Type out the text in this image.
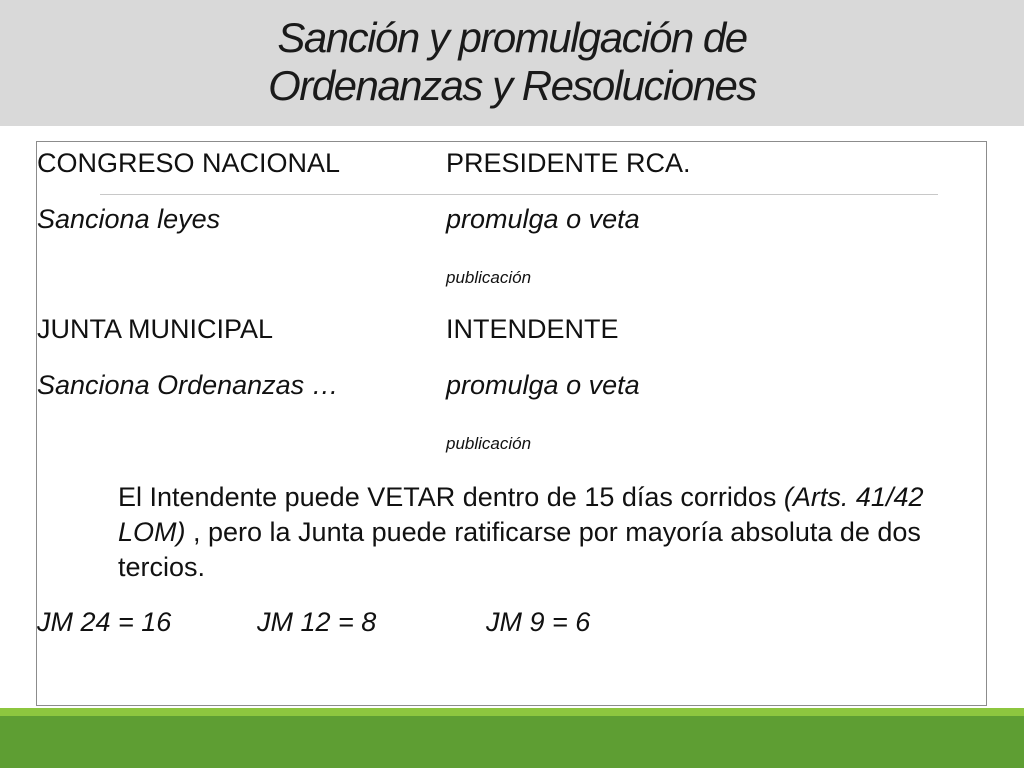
Sanción y promulgación de
Ordenanzas y Resoluciones
CONGRESO NACIONAL	PRESIDENTE RCA.
Sanciona leyes	promulga o veta
publicación
JUNTA MUNICIPAL	INTENDENTE
Sanciona Ordenanzas …	promulga o veta
publicación
El Intendente puede VETAR dentro de 15 días corridos (Arts. 41/42 LOM) , pero la Junta puede ratificarse por mayoría absoluta de dos tercios.
JM 24 = 16	JM 12 = 8	JM 9 = 6
